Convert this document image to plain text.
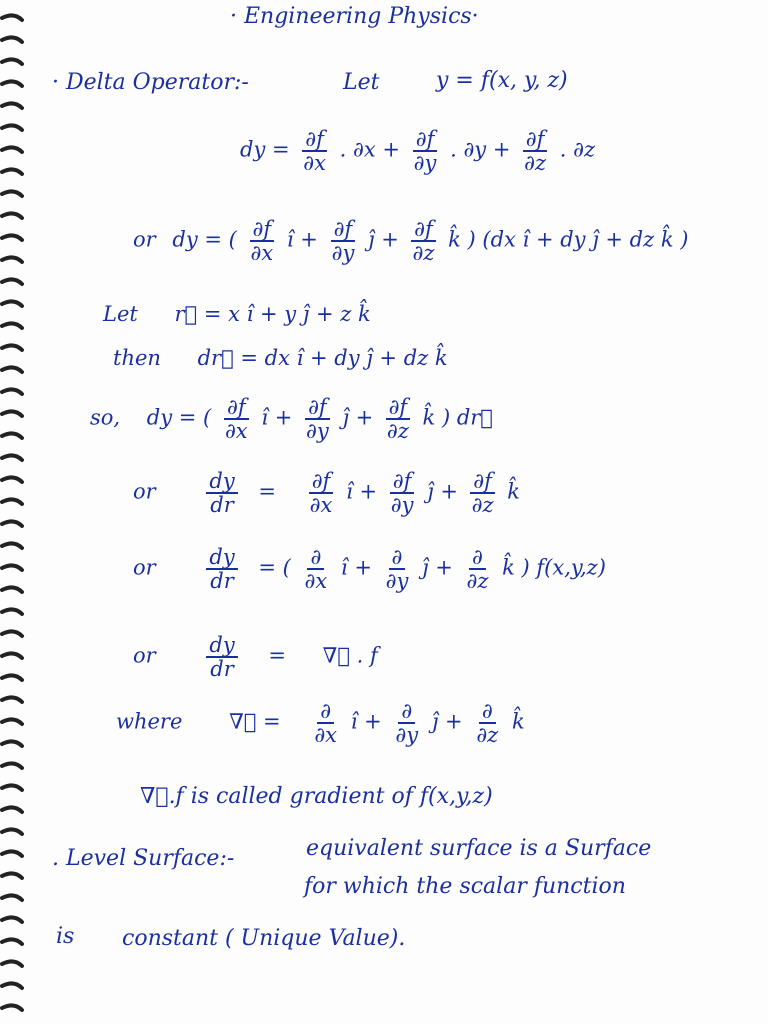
· Engineering Physics·
· Delta Operator:-	Let	y = f(x, y, z)
dy = $\frac{\partial f}{\partial x}$ . $\partial x + \frac{\partial f}{\partial y}$ . $\partial y + \frac{\partial f}{\partial z}$ . ∂z
or dy = ( $\frac{\partial f}{\partial x}$ î + $\frac{\partial f}{\partial y}$ ĵ + $\frac{\partial f}{\partial z}$ k̂ ) (dx î + dy ĵ + dz k̂ )
Let r⃗ = x î + y ĵ + z k̂
then dr⃗ = dx î + dy ĵ + dz k̂
so, dy = ( $\frac{\partial f}{\partial x}$ î + $\frac{\partial f}{\partial y}$ ĵ + $\frac{\partial f}{\partial z}$ k̂ ) dr⃗
or $\frac{dy}{dr} = \frac{\partial f}{\partial x}$ î + $\frac{\partial f}{\partial y}$ ĵ + $\frac{\partial f}{\partial z}$ k̂
or $\frac{dy}{dr}$ = ( $\frac{\partial}{\partial x}$ î + $\frac{\partial}{\partial y}$ ĵ + $\frac{\partial}{\partial z}$ k̂ ) f(x,y,z)
or $\frac{dy}{dr}$ = ∇⃗ . f
where ∇⃗ = $\frac{\partial}{\partial x}$ î + $\frac{\partial}{\partial y}$ ĵ + $\frac{\partial}{\partial z}$ k̂
∇⃗.f is called gradient of f(x,y,z)
. Level Surface:-	equivalent surface is a Surface
for which the scalar function
is constant ( Unique Value).
